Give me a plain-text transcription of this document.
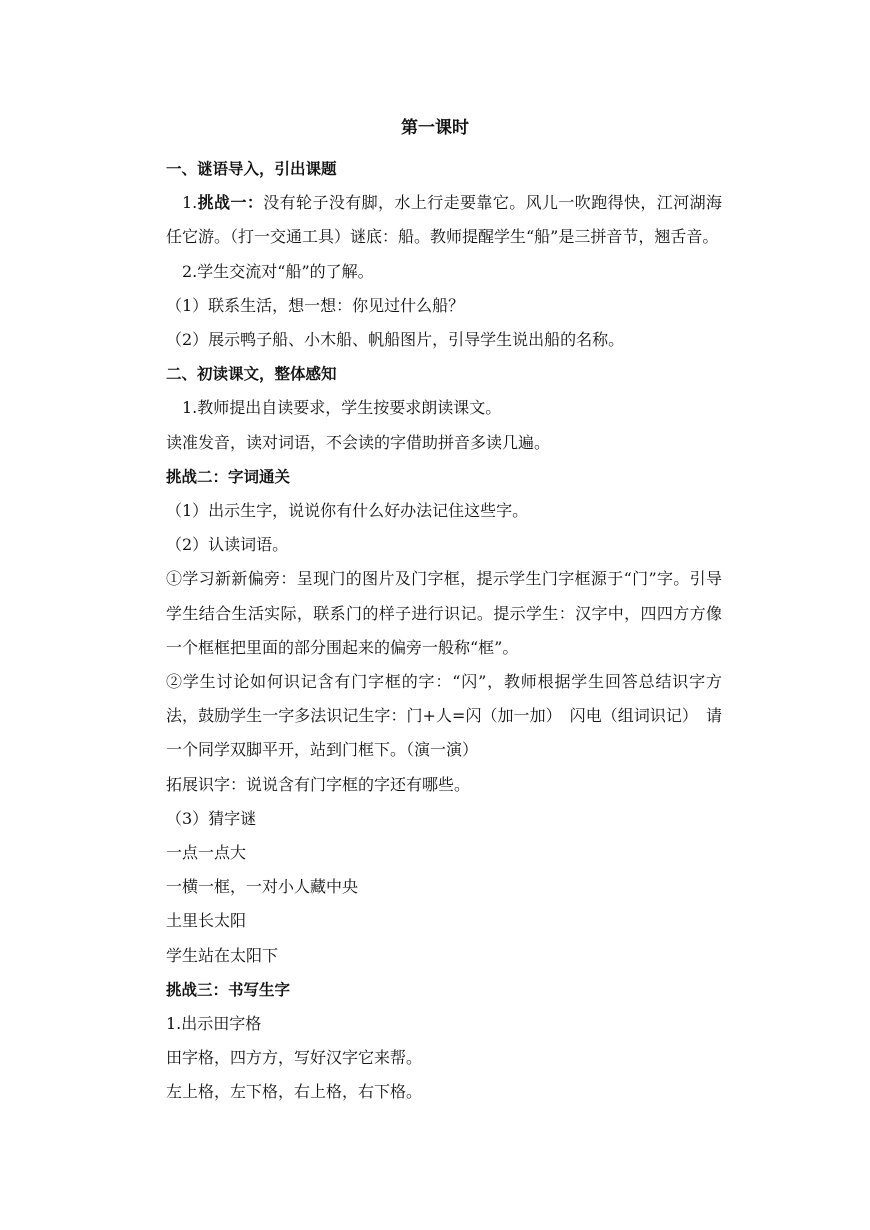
第一课时

一、谜语导入，引出课题

1.挑战一：没有轮子没有脚，水上行走要靠它。风儿一吹跑得快，江河湖海任它游。（打一交通工具）谜底：船。教师提醒学生“船”是三拼音节，翘舌音。

2.学生交流对“船”的了解。

（1）联系生活，想一想：你见过什么船？

（2）展示鸭子船、小木船、帆船图片，引导学生说出船的名称。

二、初读课文，整体感知

1.教师提出自读要求，学生按要求朗读课文。

读准发音，读对词语，不会读的字借助拼音多读几遍。

挑战二：字词通关

（1）出示生字，说说你有什么好办法记住这些字。

（2）认读词语。

①学习新新偏旁：呈现门的图片及门字框，提示学生门字框源于“门”字。引导学生结合生活实际，联系门的样子进行识记。提示学生：汉字中，四四方方像一个框框把里面的部分围起来的偏旁一般称“框”。

②学生讨论如何识记含有门字框的字：“闪”，教师根据学生回答总结识字方法，鼓励学生一字多法识记生字：门+人=闪（加一加）　闪电（组词识记）　请一个同学双脚平开，站到门框下。（演一演）

拓展识字：说说含有门字框的字还有哪些。

（3）猜字谜

一点一点大

一横一框，一对小人藏中央

土里长太阳

学生站在太阳下

挑战三：书写生字

1.出示田字格

田字格，四方方，写好汉字它来帮。

左上格，左下格，右上格，右下格。
